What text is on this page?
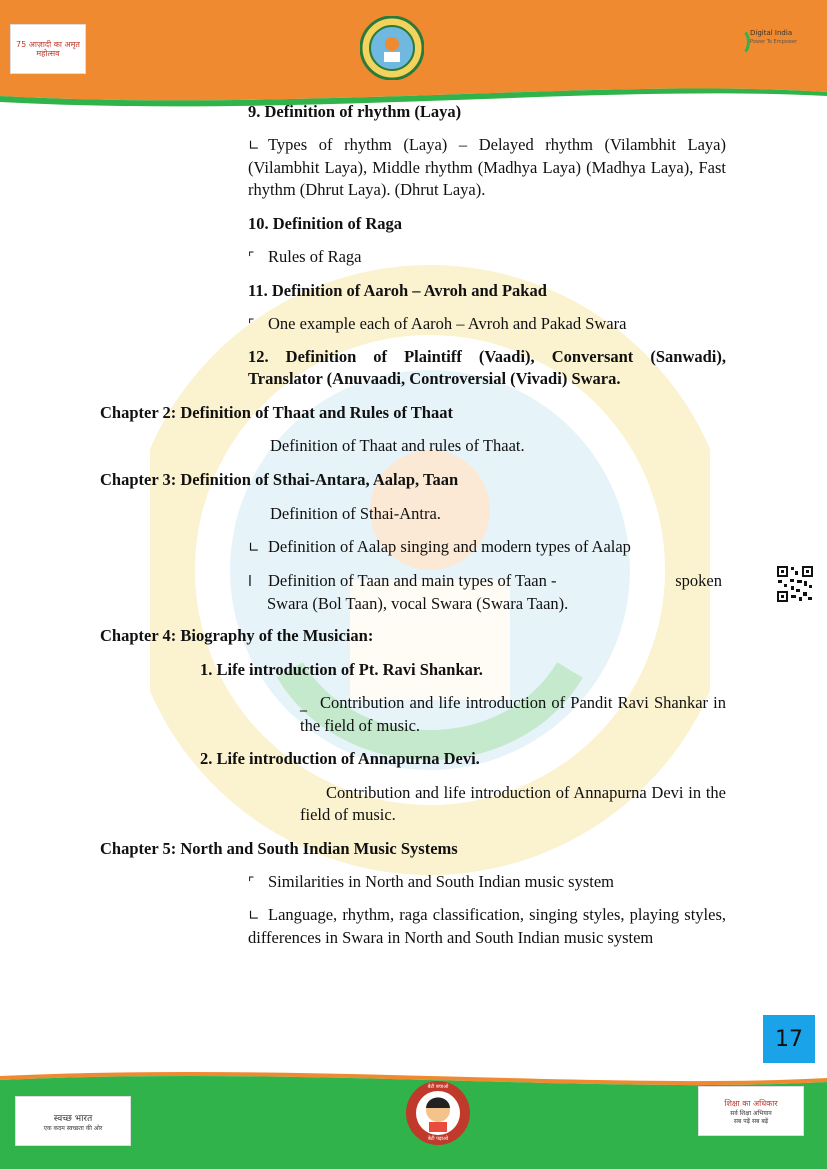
75 आज़ादी का अमृत महोत्सव
Digital India
Power To Empower
9. Definition of rhythm (Laya)
∟ Types of rhythm (Laya) – Delayed rhythm (Vilambhit Laya) (Vilambhit Laya), Middle rhythm (Madhya Laya) (Madhya Laya), Fast rhythm (Dhrut Laya). (Dhrut Laya).
10. Definition of Raga
⌜ Rules of Raga
11. Definition of Aaroh – Avroh and Pakad
⌜ One example each of Aaroh – Avroh and Pakad Swara
12. Definition of Plaintiff (Vaadi), Conversant (Sanwadi), Translator (Anuvaadi, Controversial (Vivadi) Swara.
Chapter 2: Definition of Thaat and Rules of Thaat
Definition of Thaat and rules of Thaat.
Chapter 3: Definition of Sthai-Antara, Aalap, Taan
Definition of Sthai-Antra.
∟ Definition of Aalap singing and modern types of Aalap
l Definition of Taan and main types of Taan -	spoken

Swara (Bol Taan), vocal Swara (Swara Taan).
Chapter 4: Biography of the Musician:
1. Life introduction of Pt. Ravi Shankar.
_ Contribution and life introduction of Pandit Ravi Shankar in the field of music.
2. Life introduction of Annapurna Devi.
Contribution and life introduction of Annapurna Devi in the field of music.
Chapter 5: North and South Indian Music Systems
⌜ Similarities in North and South Indian music system
∟ Language, rhythm, raga classification, singing styles, playing styles, differences in Swara in North and South Indian music system
17
स्वच्छ भारत
एक कदम स्वच्छता की ओर
बेटी बचाओ
बेटी पढ़ाओ
शिक्षा का अधिकार
सर्व शिक्षा अभियान
सब पढ़ें सब बढ़ें
